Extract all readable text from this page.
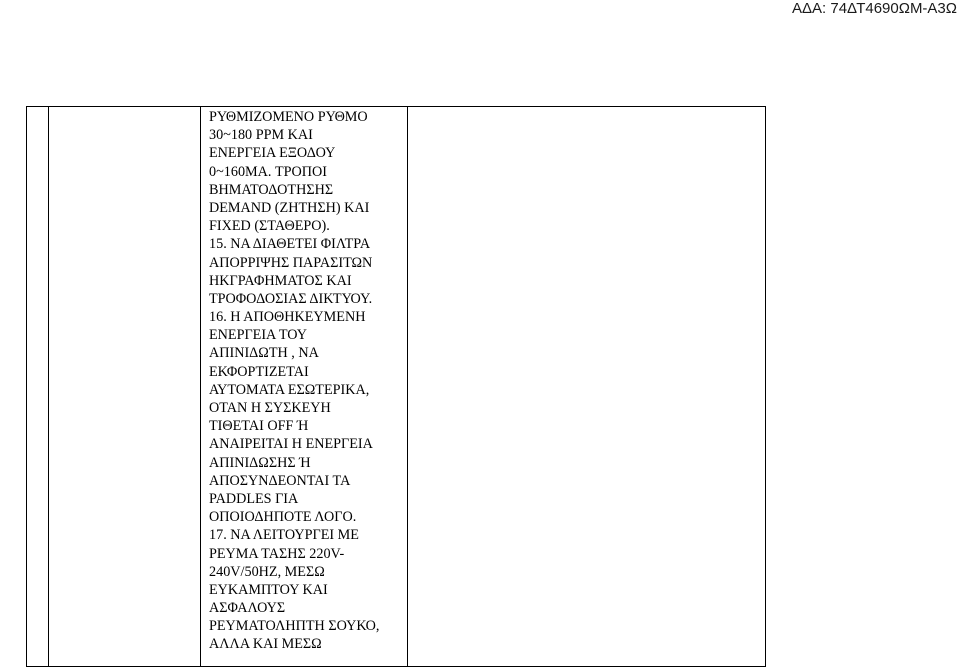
ΑΔΑ: 74ΔΤ4690ΩΜ-Α3Ω
ΡΥΘΜΙΖΟΜΕΝΟ ΡΥΘΜΟ
30~180 PPM ΚΑΙ
ΕΝΕΡΓΕΙΑ ΕΞΟΔΟΥ
0~160MA. ΤΡΟΠΟΙ
ΒΗΜΑΤΟΔΟΤΗΣΗΣ
DEMAND (ΖΗΤΗΣΗ) ΚΑΙ
FIXED (ΣΤΑΘΕΡΟ).
15. ΝΑ ΔΙΑΘΕΤΕΙ ΦΙΛΤΡΑ
ΑΠΟΡΡΙΨΗΣ ΠΑΡΑΣΙΤΩΝ
ΗΚΓΡΑΦΗΜΑΤΟΣ ΚΑΙ
ΤΡΟΦΟΔΟΣΙΑΣ ΔΙΚΤΥΟΥ.
16. Η ΑΠΟΘΗΚΕΥΜΕΝΗ
ΕΝΕΡΓΕΙΑ ΤΟΥ
ΑΠΙΝΙΔΩΤΗ , ΝΑ
ΕΚΦΟΡΤΙΖΕΤΑΙ
ΑΥΤΟΜΑΤΑ ΕΣΩΤΕΡΙΚΑ,
ΟΤΑΝ Η ΣΥΣΚΕΥΗ
ΤΙΘΕΤΑΙ OFF Ή
ΑΝΑΙΡΕΙΤΑΙ Η ΕΝΕΡΓΕΙΑ
ΑΠΙΝΙΔΩΣΗΣ Ή
ΑΠΟΣΥΝΔΕΟΝΤΑΙ ΤΑ
PADDLES ΓΙΑ
ΟΠΟΙΟΔΗΠΟΤΕ ΛΟΓΟ.
17. ΝΑ ΛΕΙΤΟΥΡΓΕΙ ΜΕ
ΡΕΥΜΑ ΤΑΣΗΣ 220V-
240V/50HZ, ΜΕΣΩ
ΕΥΚΑΜΠΤΟΥ ΚΑΙ
ΑΣΦΑΛΟΥΣ
ΡΕΥΜΑΤΟΛΗΠΤΗ ΣΟΥΚΟ,
ΑΛΛΑ ΚΑΙ ΜΕΣΩ
